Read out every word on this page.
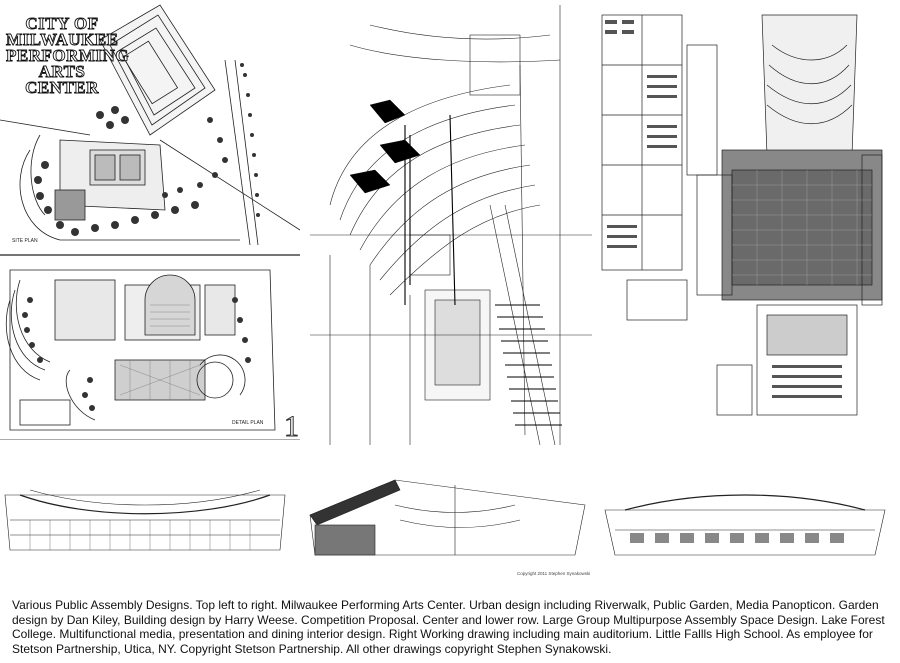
CITY OF
MILWAUKEE
PERFORMING
ARTS
CENTER
SITE PLAN
DETAIL PLAN 1
Copyright 2011 Stephen Synakowski
Various Public Assembly Designs. Top left to right. Milwaukee Performing Arts Center. Urban design including Riverwalk, Public Garden, Media Panopticon. Garden design by Dan Kiley, Building design by Harry Weese. Competition Proposal. Center and lower row. Large Group Multipurpose Assembly Space Design. Lake Forest College. Multifunctional media, presentation and dining interior design. Right Working drawing including main auditorium. Little Fallls High School. As employee for Stetson Partnership, Utica, NY. Copyright Stetson Partnership. All other drawings copyright Stephen Synakowski.
